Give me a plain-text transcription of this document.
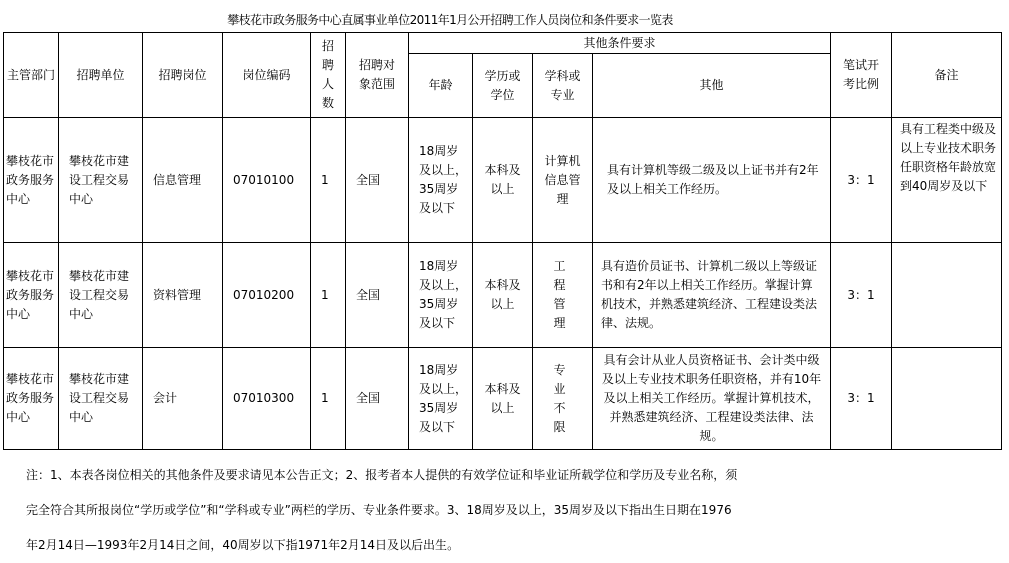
攀枝花市政务服务中心直属事业单位2011年1月公开招聘工作人员岗位和条件要求一览表
主管部门	招聘单位	招聘岗位	岗位编码	招聘人数	招聘对象范围	其他条件要求				笔试开考比例	备注
						年龄	学历或学位	学科或专业	其他		
攀枝花市政务服务中心	攀枝花市建设工程交易中心	信息管理	07010100	1	全国	18周岁及以上，35周岁及以下	本科及以上	计算机信息管理	具有计算机等级二级及以上证书并有2年及以上相关工作经历。	3：1	具有工程类中级及以上专业技术职务任职资格年龄放宽到40周岁及以下
攀枝花市政务服务中心	攀枝花市建设工程交易中心	资料管理	07010200	1	全国	18周岁及以上，35周岁及以下	本科及以上	工程管理	具有造价员证书、计算机二级以上等级证书和有2年以上相关工作经历。掌握计算机技术，并熟悉建筑经济、工程建设类法律、法规。	3：1	
攀枝花市政务服务中心	攀枝花市建设工程交易中心	会计	07010300	1	全国	18周岁及以上，35周岁及以下	本科及以上	专业不限	具有会计从业人员资格证书、会计类中级及以上专业技术职务任职资格，并有10年及以上相关工作经历。掌握计算机技术，并熟悉建筑经济、工程建设类法律、法规。	3：1	
注：1、本表各岗位相关的其他条件及要求请见本公告正文；2、报考者本人提供的有效学位证和毕业证所载学位和学历及专业名称，须
完全符合其所报岗位“学历或学位”和“学科或专业”两栏的学历、专业条件要求。3、18周岁及以上，35周岁及以下指出生日期在1976
年2月14日—1993年2月14日之间，40周岁以下指1971年2月14日及以后出生。
